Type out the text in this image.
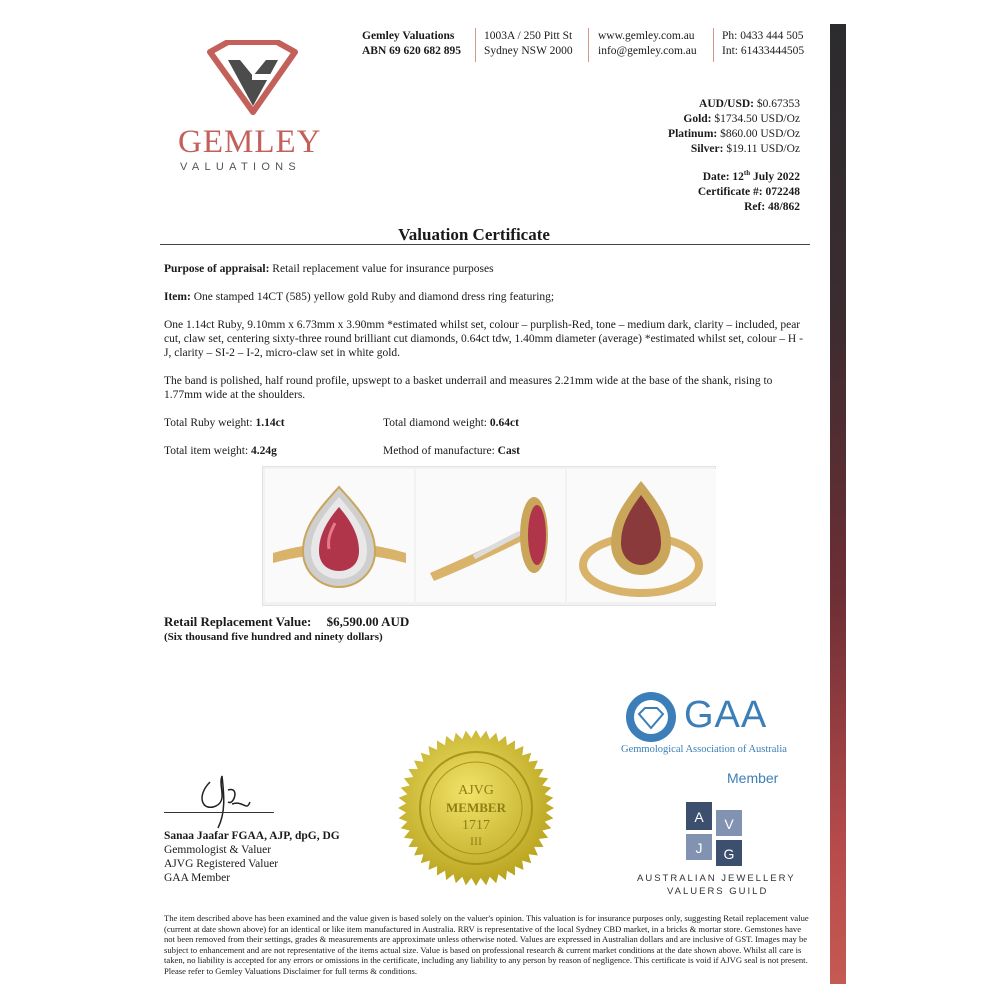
GEMLEY
VALUATIONS
Gemley Valuations
ABN 69 620 682 895
1003A / 250 Pitt St
Sydney NSW 2000
www.gemley.com.au
info@gemley.com.au
Ph: 0433 444 505
Int: 61433444505
AUD/USD: $0.67353
Gold: $1734.50 USD/Oz
Platinum: $860.00 USD/Oz
Silver: $19.11 USD/Oz
Date: 12th July 2022
Certificate #: 072248
Ref: 48/862
Valuation Certificate
Purpose of appraisal: Retail replacement value for insurance purposes
Item: One stamped 14CT (585) yellow gold Ruby and diamond dress ring featuring;
One 1.14ct Ruby, 9.10mm x 6.73mm x 3.90mm *estimated whilst set, colour – purplish-Red, tone – medium dark, clarity – included, pear cut, claw set, centering sixty-three round brilliant cut diamonds, 0.64ct tdw, 1.40mm diameter (average) *estimated whilst set, colour – H - J, clarity – SI-2 – I-2, micro-claw set in white gold.
The band is polished, half round profile, upswept to a basket underrail and measures 2.21mm wide at the base of the shank, rising to 1.77mm wide at the shoulders.
Total Ruby weight: 1.14ct	Total diamond weight: 0.64ct
Total item weight: 4.24g	Method of manufacture: Cast
Retail Replacement Value: $6,590.00 AUD
(Six thousand five hundred and ninety dollars)
Sanaa Jaafar FGAA, AJP, dpG, DG
Gemmologist & Valuer
AJVG Registered Valuer
GAA Member
AJVG
MEMBER
1717
III
GAA
Gemmological Association of Australia
Member
A V
J G
AUSTRALIAN JEWELLERY
VALUERS GUILD
The item described above has been examined and the value given is based solely on the valuer's opinion. This valuation is for insurance purposes only, suggesting Retail replacement value (current at date shown above) for an identical or like item manufactured in Australia. RRV is representative of the local Sydney CBD market, in a bricks & mortar store. Gemstones have not been removed from their settings, grades & measurements are approximate unless otherwise noted. Values are expressed in Australian dollars and are inclusive of GST. Images may be subject to enhancement and are not representative of the items actual size. Value is based on professional research & current market conditions at the date shown above. Whilst all care is taken, no liability is accepted for any errors or omissions in the certificate, including any liability to any person by reason of negligence. This certificate is void if AJVG seal is not present. Please refer to Gemley Valuations Disclaimer for full terms & conditions.
